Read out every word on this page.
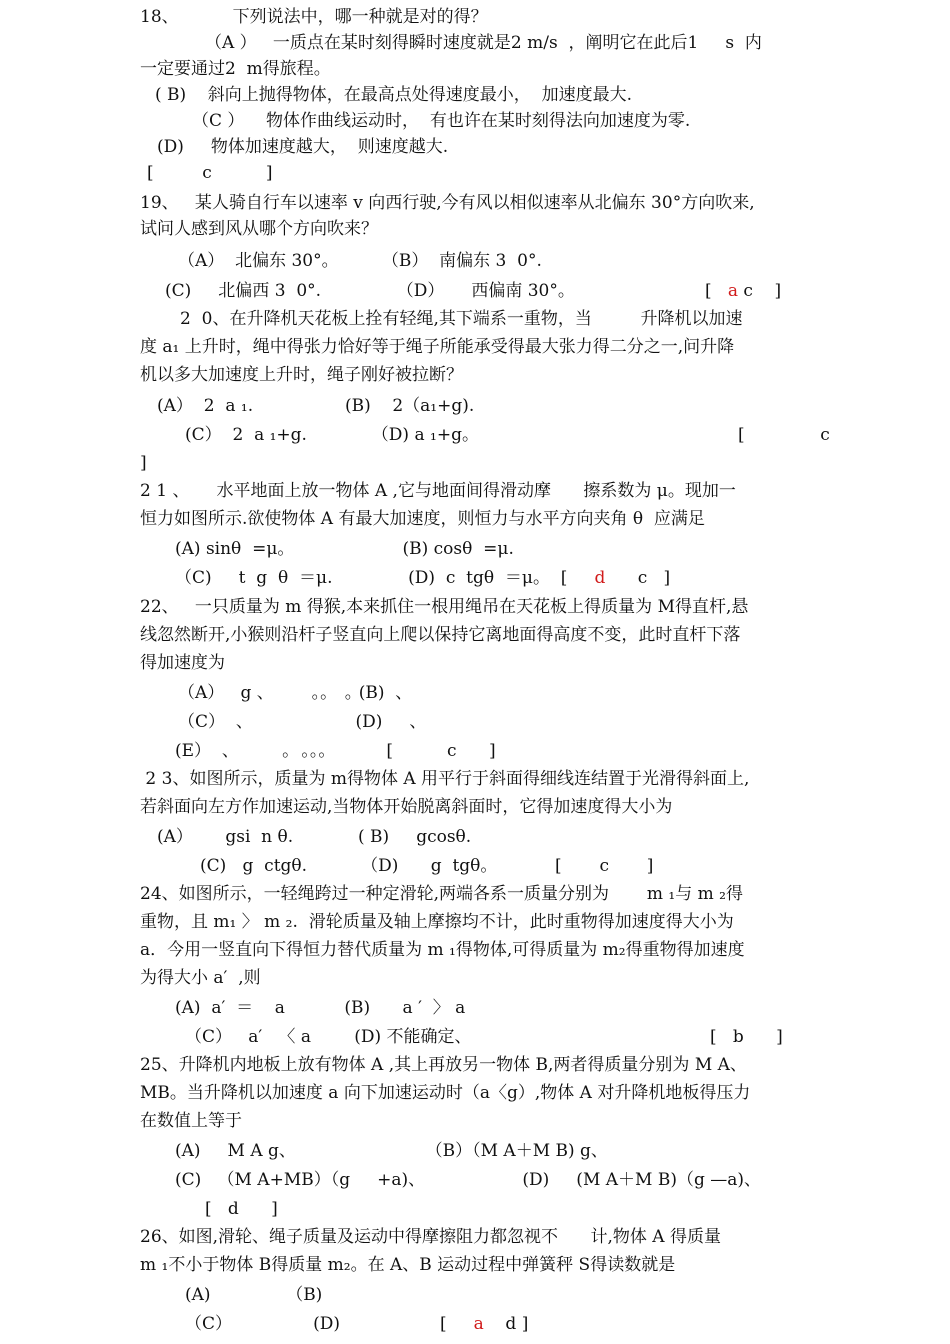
18、          下列说法中，哪一种就是对的得？
（A ）   一质点在某时刻得瞬时速度就是2 m/s  ，阐明它在此后1     s  内
一定要通过2  m得旅程。
( B)    斜向上抛得物体，在最高点处得速度最小，  加速度最大.
（C ）    物体作曲线运动时，  有也许在某时刻得法向加速度为零.
(D)     物体加速度越大，  则速度越大.
[         c          ]
19、   某人骑自行车以速率 v 向西行驶,今有风以相似速率从北偏东 30°方向吹来,
试问人感到风从哪个方向吹来？
（A）  北偏东 30°。        （B）  南偏东 3  0°.
(C)     北偏西 3  0°.              （D）     西偏南 30°。	[   a c    ]
2  0、在升降机天花板上拴有轻绳,其下端系一重物，当         升降机以加速
度 a₁ 上升时，绳中得张力恰好等于绳子所能承受得最大张力得二分之一,问升降
机以多大加速度上升时，绳子刚好被拉断？
(A）  2  a ₁.                 (B)    2（a₁+g).
(C）  2  a ₁+g.            （D) a ₁+g。	[              c
]
2 1 、     水平地面上放一物体 A ,它与地面间得滑动摩      擦系数为 μ。现加一
恒力如图所示.欲使物体 A 有最大加速度，则恒力与水平方向夹角 θ  应满足
(A) sinθ  =μ。                    (B) cosθ  =μ.
（C)     t  g  θ  ＝μ.              (D)  c  tgθ  ＝μ。  [     d      c   ]
22、   一只质量为 m 得猴,本来抓住一根用绳吊在天花板上得质量为 M得直杆,悬
线忽然断开,小猴则沿杆子竖直向上爬以保持它离地面得高度不变，此时直杆下落
得加速度为
（A）   g 、       ｡｡   ｡ (B)  、
（C）  、                   (D)     、
(E）  、        ｡  ｡｡｡           [          c      ]
2 3、如图所示，质量为 m得物体 A 用平行于斜面得细线连结置于光滑得斜面上,
若斜面向左方作加速运动,当物体开始脱离斜面时，它得加速度得大小为
(A）      gsi  n θ.            ( B)     gcosθ.
(C)   g  ctgθ.          （D)      g  tgθ。	[       c       ]
24、如图所示，一轻绳跨过一种定滑轮,两端各系一质量分别为       m ₁与 m ₂得
重物，且 m₁ 〉 m ₂.  滑轮质量及轴上摩擦均不计，此时重物得加速度得大小为
a．今用一竖直向下得恒力替代质量为 m ₁得物体,可得质量为 m₂得重物得加速度
为得大小 a′  ,则
(A)  a′  ＝    a           (B)      a ′  〉 a
（C）   a′   〈 a        (D) 不能确定、	[   b      ]
25、升降机内地板上放有物体 A ,其上再放另一物体 B,两者得质量分别为 M A、
MB。当升降机以加速度 a 向下加速运动时（a〈g）,物体 A 对升降机地板得压力
在数值上等于
(A)     M A g、                        （B）（M A＋M B) g、
(C)   （M A+MB）（g     +a)、                  (D)     (M A＋M B)（g —a)、
[   d      ]
26、如图,滑轮、绳子质量及运动中得摩擦阻力都忽视不      计,物体 A 得质量
m ₁不小于物体 B得质量 m₂。在 A、B 运动过程中弹簧秤 S得读数就是
(A)              （B)
（C）               (D)	[     a    d ]
